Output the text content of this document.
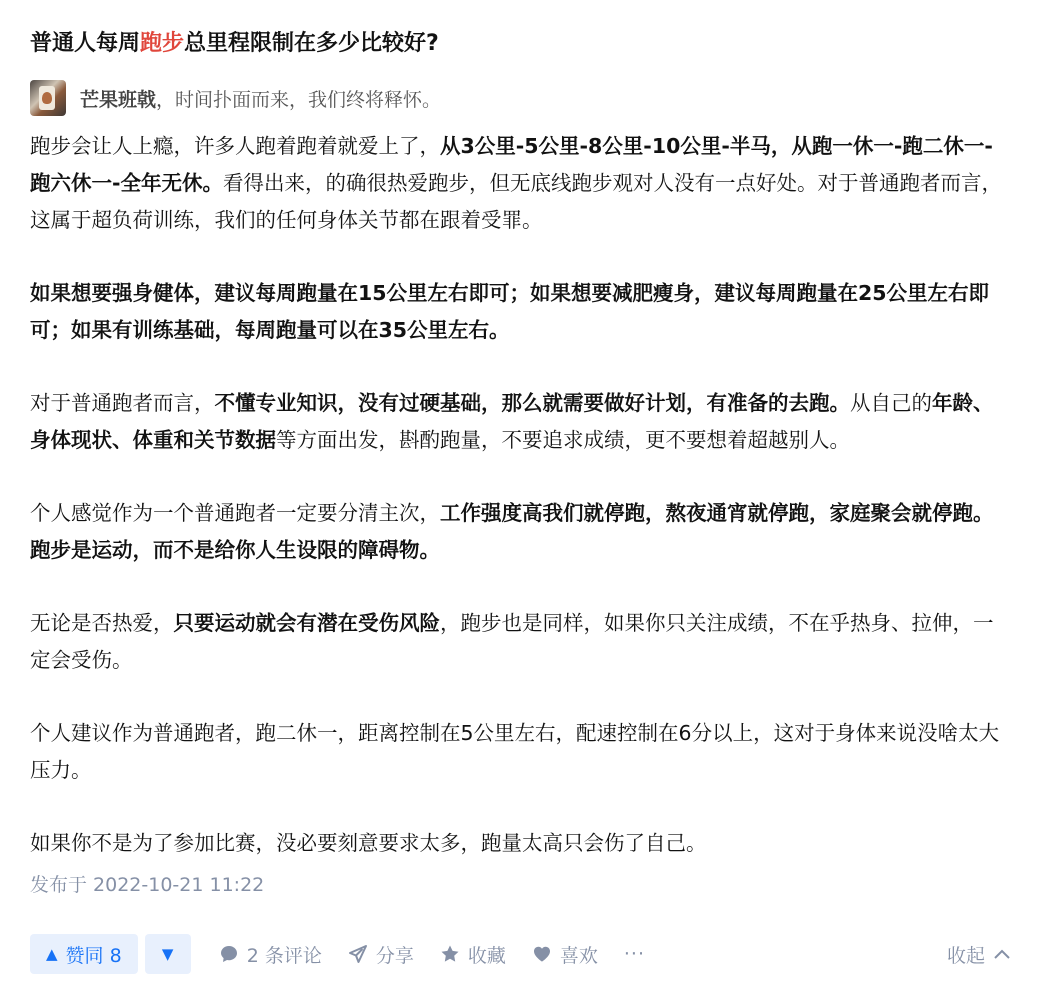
普通人每周跑步总里程限制在多少比较好?
芒果班戟 ， 时间扑面而来，我们终将释怀。

跑步会让人上瘾，许多人跑着跑着就爱上了，从3公里-5公里-8公里-10公里-半马，从跑一休一-跑二休一-跑六休一-全年无休。看得出来，的确很热爱跑步，但无底线跑步观对人没有一点好处。对于普通跑者而言，这属于超负荷训练，我们的任何身体关节都在跟着受罪。

如果想要强身健体，建议每周跑量在15公里左右即可；如果想要减肥瘦身，建议每周跑量在25公里左右即可；如果有训练基础，每周跑量可以在35公里左右。

对于普通跑者而言，不懂专业知识，没有过硬基础，那么就需要做好计划，有准备的去跑。从自己的年龄、身体现状、体重和关节数据等方面出发，斟酌跑量，不要追求成绩，更不要想着超越别人。

个人感觉作为一个普通跑者一定要分清主次，工作强度高我们就停跑，熬夜通宵就停跑，家庭聚会就停跑。跑步是运动，而不是给你人生设限的障碍物。

无论是否热爱，只要运动就会有潜在受伤风险，跑步也是同样，如果你只关注成绩，不在乎热身、拉伸，一定会受伤。

个人建议作为普通跑者，跑二休一，距离控制在5公里左右，配速控制在6分以上，这对于身体来说没啥太大压力。

如果你不是为了参加比赛，没必要刻意要求太多，跑量太高只会伤了自己。

发布于 2022-10-21 11:22
▲ 赞同 8	▼	2 条评论	分享	收藏	喜欢 ···	收起
